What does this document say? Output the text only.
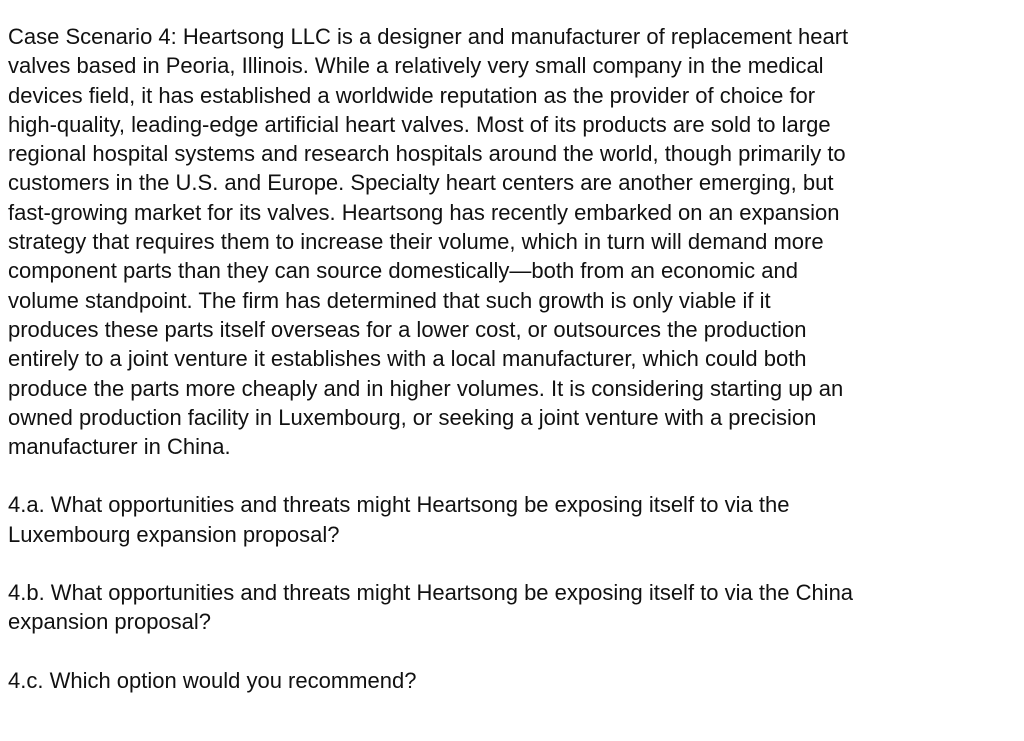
Case Scenario 4: Heartsong LLC is a designer and manufacturer of replacement heart
valves based in Peoria, Illinois. While a relatively very small company in the medical
devices field, it has established a worldwide reputation as the provider of choice for
high-quality, leading-edge artificial heart valves. Most of its products are sold to large
regional hospital systems and research hospitals around the world, though primarily to
customers in the U.S. and Europe. Specialty heart centers are another emerging, but
fast-growing market for its valves. Heartsong has recently embarked on an expansion
strategy that requires them to increase their volume, which in turn will demand more
component parts than they can source domestically—both from an economic and
volume standpoint. The firm has determined that such growth is only viable if it
produces these parts itself overseas for a lower cost, or outsources the production
entirely to a joint venture it establishes with a local manufacturer, which could both
produce the parts more cheaply and in higher volumes. It is considering starting up an
owned production facility in Luxembourg, or seeking a joint venture with a precision
manufacturer in China.

4.a. What opportunities and threats might Heartsong be exposing itself to via the
Luxembourg expansion proposal?

4.b. What opportunities and threats might Heartsong be exposing itself to via the China
expansion proposal?

4.c. Which option would you recommend?
